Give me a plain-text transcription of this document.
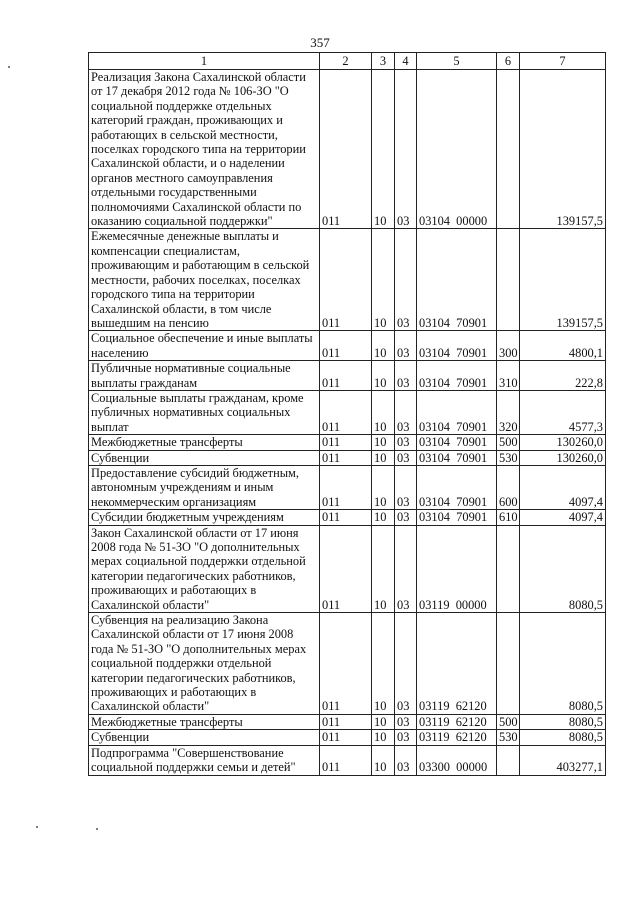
357
1	2	3	4	5	6	7
Реализация Закона Сахалинской области от 17 декабря 2012 года № 106-ЗО "О социальной поддержке отдельных категорий граждан, проживающих и работающих в сельской местности, поселках городского типа на территории Сахалинской области, и о наделении органов местного самоуправления отдельными государственными полномочиями Сахалинской области по оказанию социальной поддержки"	011	10	03	03104  00000		139157,5
Ежемесячные денежные выплаты и компенсации специалистам, проживающим и работающим в сельской местности, рабочих поселках, поселках городского типа на территории Сахалинской области, в том числе вышедшим на пенсию	011	10	03	03104  70901		139157,5
Социальное обеспечение и иные выплаты населению	011	10	03	03104  70901	300	4800,1
Публичные нормативные социальные выплаты гражданам	011	10	03	03104  70901	310	222,8
Социальные выплаты гражданам, кроме публичных нормативных социальных выплат	011	10	03	03104  70901	320	4577,3
Межбюджетные трансферты	011	10	03	03104  70901	500	130260,0
Субвенции	011	10	03	03104  70901	530	130260,0
Предоставление субсидий бюджетным, автономным учреждениям и иным некоммерческим организациям	011	10	03	03104  70901	600	4097,4
Субсидии бюджетным учреждениям	011	10	03	03104  70901	610	4097,4
Закон Сахалинской области от 17 июня 2008 года № 51-ЗО "О дополнительных мерах социальной поддержки отдельной категории педагогических работников, проживающих и работающих в Сахалинской области"	011	10	03	03119  00000		8080,5
Субвенция на реализацию Закона Сахалинской области от 17 июня 2008 года № 51-ЗО "О дополнительных мерах социальной поддержки отдельной категории педагогических работников, проживающих и работающих в Сахалинской области"	011	10	03	03119  62120		8080,5
Межбюджетные трансферты	011	10	03	03119  62120	500	8080,5
Субвенции	011	10	03	03119  62120	530	8080,5
Подпрограмма "Совершенствование социальной поддержки семьи и детей"	011	10	03	03300  00000		403277,1
